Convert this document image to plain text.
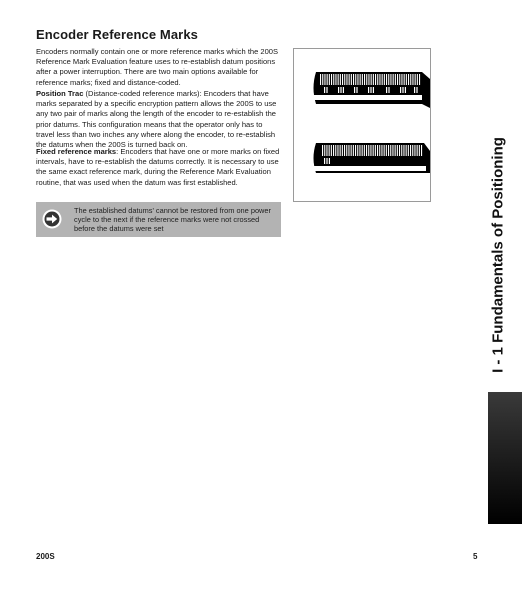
Encoder Reference Marks

Encoders normally contain one or more reference marks which the 200S Reference Mark Evaluation feature uses to re-establish datum positions after a power interruption. There are two main options available for reference marks; fixed and distance-coded.

Position Trac (Distance-coded reference marks): Encoders that have marks separated by a specific encryption pattern allows the 200S to use any two pair of marks along the length of the encoder to re-establish the prior datums. This configuration means that the operator only has to travel less than two inches any where along the encoder, to re-establish the datums when the 200S is turned back on.

Fixed reference marks: Encoders that have one or more marks on fixed intervals, have to re-establish the datums correctly. It is necessary to use the same exact reference mark, during the Reference Mark Evaluation routine, that was used when the datum was first established.

The established datums' cannot be restored from one power cycle to the next if the reference marks were not crossed before the datums were set	I - 1 Fundamentals of Positioning
200S	5
